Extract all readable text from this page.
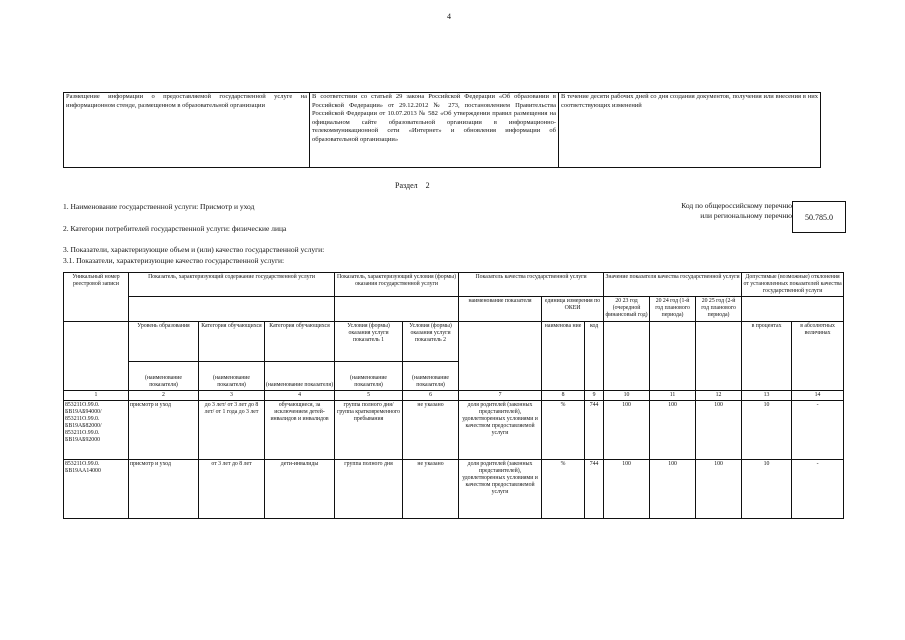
4
Размещение информации о предоставляемой государственной услуге на информационном стенде, размещенном в образовательной организации	В соответствии со статьей 29 закона Российской Федерации «Об образовании в Российской Федерации» от 29.12.2012 № 273, постановлением Правительства Российской Федерации от 10.07.2013 № 582 «Об утверждении правил размещения на официальном сайте образовательной организации в информационно-телекоммуникационной сети «Интернет» и обновления информации об образовательной организации»	В течение десяти рабочих дней со дня создания документов, получения или внесения в них соответствующих изменений
Раздел 2
1. Наименование государственной услуги: Присмотр и уход
2. Категории потребителей государственной услуги: физические лица
3. Показатели, характеризующие объем и (или) качество государственной услуги:
3.1. Показатели, характеризующие качество государственной услуги:
Код по общероссийскому перечню или региональному перечню	50.785.0
Уникальный номер реестровой записи	Показатель, характеризующий содержание государственной услуги			Показатель, характеризующий условия (формы) оказания государственной услуги		Показатель качества государственной услуги			Значение показателя качества государственной услуги			Допустимые (возможные) отклонения от установленных показателей качества государственной услуги	
						наименование показателя	единица измерения по ОКЕИ		20 23 год (очередной финансовый год)	20 24 год (1-й год планового периода)	20 25 год (2-й год планового периода)		

	Уровень образования	Категория обучающихся	Категория обучающихся	Условия (формы) оказания услуги показатель 1	Условия (формы) оказания услуги показатель 2		наименова ние	код				в процентах	в абсолютных величинах
	(наименование показателя)	(наименование показателя)	(наименование показателя)	(наименование показателя)	(наименование показателя)								
1	2	3	4	5	6	7	8	9	10	11	12	13	14
853211О.99.0. БВ19АБ94000/ 853211О.99.0. БВ19АБ82000/ 853211О.99.0. БВ19АБ92000	присмотр и уход	до 3 лет/ от 3 лет до 8 лет/ от 1 года до 3 лет	обучающиеся, за исключением детей-инвалидов и инвалидов	группа полного дня/группа кратковременного пребывания	не указано	доля родителей (законных представителей), удовлетворенных условиями и качеством предоставляемой услуги	%	744	100	100	100	10	-
853211О.99.0. БВ19АА14000	присмотр и уход	от 3 лет до 8 лет	дети-инвалиды	группа полного дня	не указано	доля родителей (законных представителей), удовлетворенных условиями и качеством предоставляемой услуги	%	744	100	100	100	10	-
